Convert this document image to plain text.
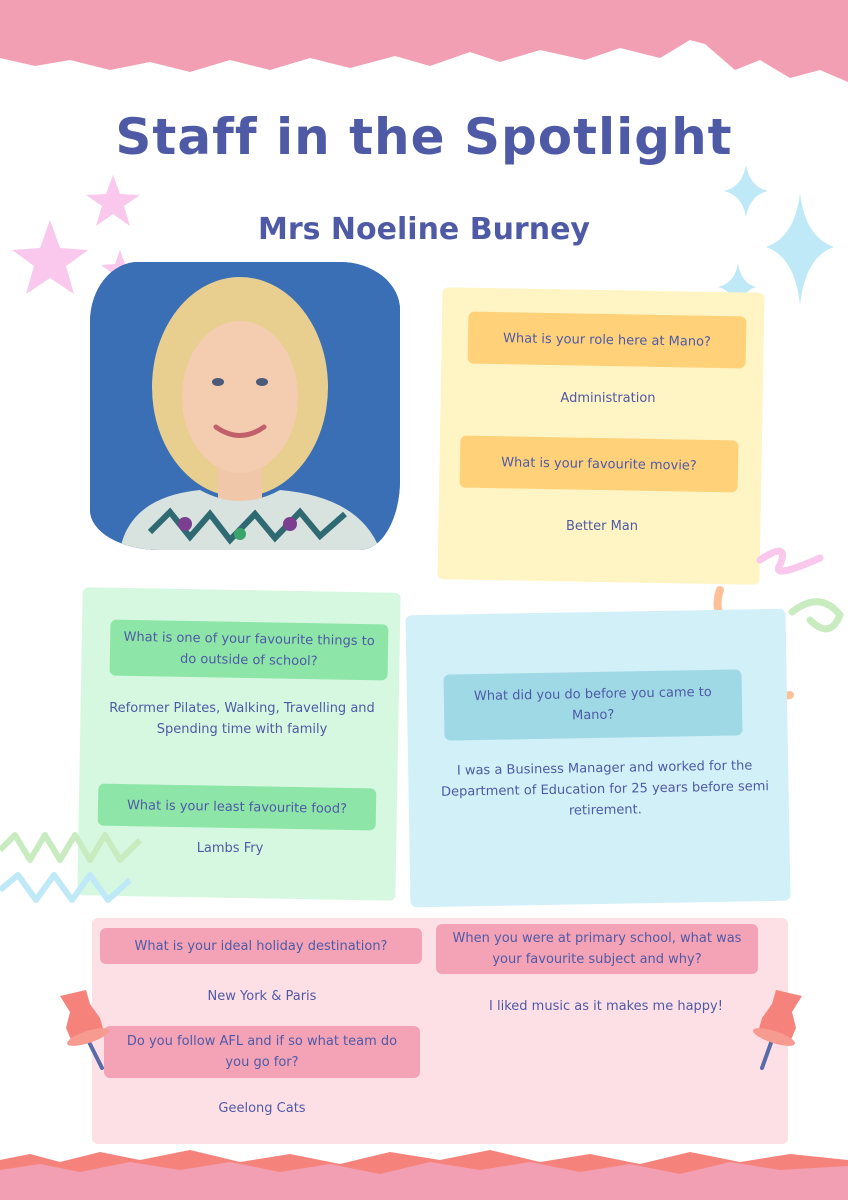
Staff in the Spotlight
Mrs Noeline Burney
What is your role here at Mano?
Administration
What is your favourite movie?
Better Man
What is one of your favourite things to do outside of school?
Reformer Pilates, Walking, Travelling and Spending time with family
What is your least favourite food?
Lambs Fry
What did you do before you came to Mano?
I was a Business Manager and worked for the Department of Education for 25 years before semi retirement.
What is your ideal holiday destination?
New York & Paris
Do you follow AFL and if so what team do you go for?
Geelong Cats
When you were at primary school, what was your favourite subject and why?
I liked music as it makes me happy!
